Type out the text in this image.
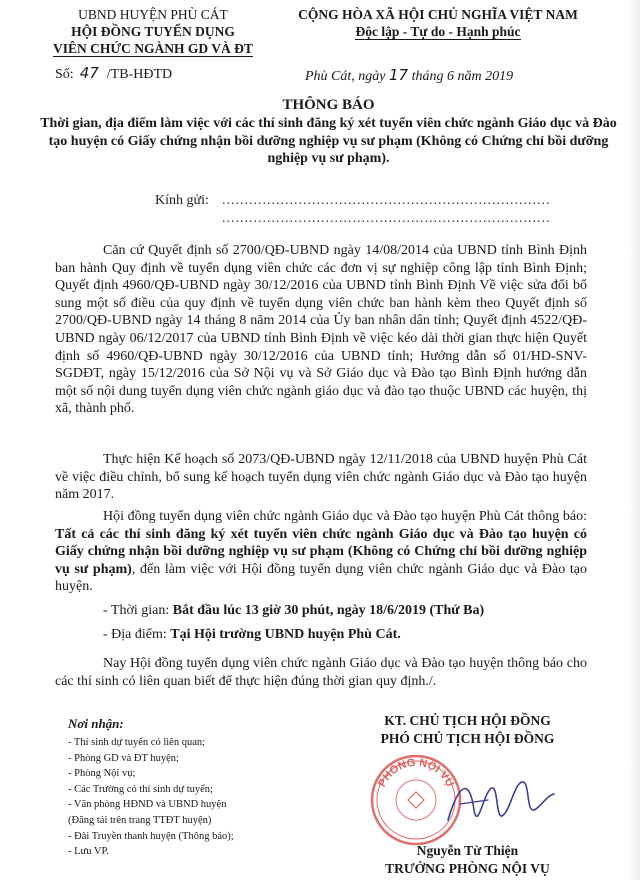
UBND HUYỆN PHÙ CÁT
HỘI ĐỒNG TUYỂN DỤNG
VIÊN CHỨC NGÀNH GD VÀ ĐT
CỘNG HÒA XÃ HỘI CHỦ NGHĨA VIỆT NAM
Độc lập - Tự do - Hạnh phúc
Số: 47 /TB-HĐTD	Phù Cát, ngày 17 tháng 6 năm 2019
THÔNG BÁO
Thời gian, địa điểm làm việc với các thí sinh đăng ký xét tuyển viên chức ngành Giáo dục và Đào tạo huyện có Giấy chứng nhận bồi dưỡng nghiệp vụ sư phạm (Không có Chứng chỉ bồi dưỡng nghiệp vụ sư phạm).
Kính gửi: .........................................................................
.........................................................................
Căn cứ Quyết định số 2700/QĐ-UBND ngày 14/08/2014 của UBND tỉnh Bình Định ban hành Quy định về tuyển dụng viên chức các đơn vị sự nghiệp công lập tỉnh Bình Định; Quyết định 4960/QĐ-UBND ngày 30/12/2016 của UBND tỉnh Bình Định Về việc sửa đổi bổ sung một số điều của quy định về tuyển dụng viên chức ban hành kèm theo Quyết định số 2700/QĐ-UBND ngày 14 tháng 8 năm 2014 của Ủy ban nhân dân tỉnh; Quyết định 4522/QĐ-UBND ngày 06/12/2017 của UBND tỉnh Bình Định về việc kéo dài thời gian thực hiện Quyết định số 4960/QĐ-UBND ngày 30/12/2016 của UBND tỉnh; Hướng dẫn số 01/HD-SNV- SGDĐT, ngày 15/12/2016 của Sở Nội vụ và Sở Giáo dục và Đào tạo Bình Định hướng dẫn một số nội dung tuyển dụng viên chức ngành giáo dục và đào tạo thuộc UBND các huyện, thị xã, thành phố.
Thực hiện Kế hoạch số 2073/QĐ-UBND ngày 12/11/2018 của UBND huyện Phù Cát về việc điều chỉnh, bổ sung kế hoạch tuyển dụng viên chức ngành Giáo dục và Đào tạo huyện năm 2017.
Hội đồng tuyển dụng viên chức ngành Giáo dục và Đào tạo huyện Phù Cát thông báo: Tất cả các thí sinh đăng ký xét tuyển viên chức ngành Giáo dục và Đào tạo huyện có Giấy chứng nhận bồi dưỡng nghiệp vụ sư phạm (Không có Chứng chỉ bồi dưỡng nghiệp vụ sư phạm), đến làm việc với Hội đồng tuyển dụng viên chức ngành Giáo dục và Đào tạo huyện.
- Thời gian: Bắt đầu lúc 13 giờ 30 phút, ngày 18/6/2019 (Thứ Ba)
- Địa điểm: Tại Hội trường UBND huyện Phù Cát.
Nay Hội đồng tuyển dụng viên chức ngành Giáo dục và Đào tạo huyện thông báo cho các thí sinh có liên quan biết để thực hiện đúng thời gian quy định./.
Nơi nhận:
- Thí sinh dự tuyển có liên quan;
- Phòng GD và ĐT huyện;
- Phòng Nội vụ;
- Các Trường có thí sinh dự tuyển;
- Văn phòng HĐND và UBND huyện
(Đăng tải trên trang TTĐT huyện)
- Đài Truyền thanh huyện (Thông báo);
- Lưu VP.
KT. CHỦ TỊCH HỘI ĐỒNG
PHÓ CHỦ TỊCH HỘI ĐỒNG
PHÒNG NỘI VỤ
Nguyễn Từ Thiện
TRƯỞNG PHÒNG NỘI VỤ
